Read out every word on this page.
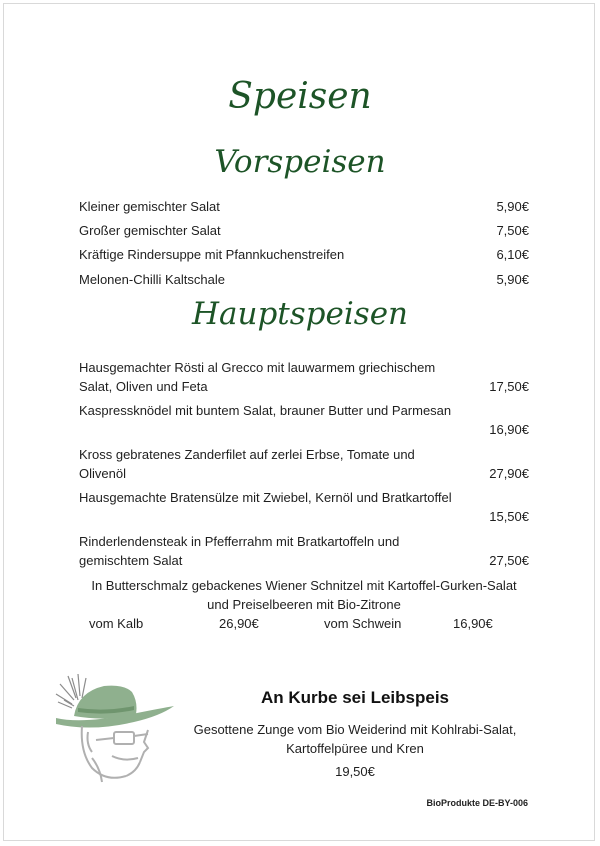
Speisen
Vorspeisen
Kleiner gemischter Salat	5,90€
Großer gemischter Salat	7,50€
Kräftige Rindersuppe mit Pfannkuchenstreifen	6,10€
Melonen-Chilli Kaltschale	5,90€
Hauptspeisen
Hausgemachter Rösti al Grecco mit lauwarmem griechischem Salat, Oliven und Feta	17,50€
Kaspressknödel mit buntem Salat, brauner Butter und Parmesan
16,90€
Kross gebratenes Zanderfilet auf zerlei Erbse, Tomate und Olivenöl	27,90€
Hausgemachte Bratensülze mit Zwiebel, Kernöl und Bratkartoffel
15,50€
Rinderlendensteak in Pfefferrahm mit Bratkartoffeln und gemischtem Salat	27,50€
In Butterschmalz gebackenes Wiener Schnitzel mit Kartoffel-Gurken-Salat und Preiselbeeren mit Bio-Zitrone
vom Kalb	26,90€	vom Schwein	16,90€
An Kurbe sei Leibspeis
Gesottene Zunge vom Bio Weiderind mit Kohlrabi-Salat, Kartoffelpüree und Kren
19,50€
BioProdukte DE-BY-006
